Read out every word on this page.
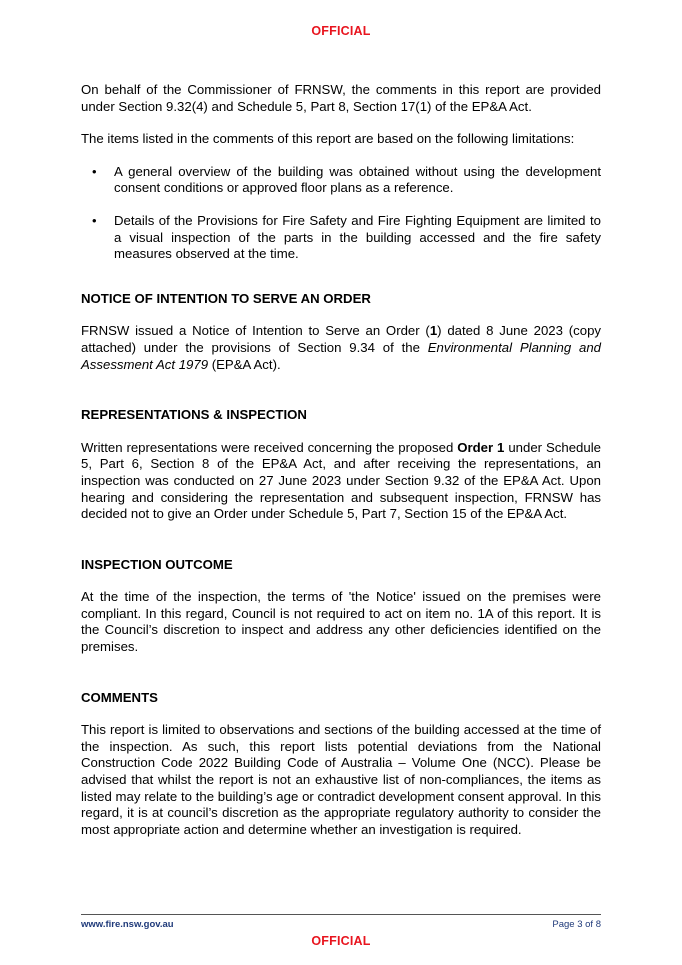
OFFICIAL

On behalf of the Commissioner of FRNSW, the comments in this report are provided under Section 9.32(4) and Schedule 5, Part 8, Section 17(1) of the EP&A Act.

The items listed in the comments of this report are based on the following limitations:

• A general overview of the building was obtained without using the development consent conditions or approved floor plans as a reference.
• Details of the Provisions for Fire Safety and Fire Fighting Equipment are limited to a visual inspection of the parts in the building accessed and the fire safety measures observed at the time.
NOTICE OF INTENTION TO SERVE AN ORDER

FRNSW issued a Notice of Intention to Serve an Order (1) dated 8 June 2023 (copy attached) under the provisions of Section 9.34 of the Environmental Planning and Assessment Act 1979 (EP&A Act).

REPRESENTATIONS & INSPECTION

Written representations were received concerning the proposed Order 1 under Schedule 5, Part 6, Section 8 of the EP&A Act, and after receiving the representations, an inspection was conducted on 27 June 2023 under Section 9.32 of the EP&A Act. Upon hearing and considering the representation and subsequent inspection, FRNSW has decided not to give an Order under Schedule 5, Part 7, Section 15 of the EP&A Act.

INSPECTION OUTCOME

At the time of the inspection, the terms of 'the Notice' issued on the premises were compliant. In this regard, Council is not required to act on item no. 1A of this report. It is the Council’s discretion to inspect and address any other deficiencies identified on the premises.

COMMENTS

This report is limited to observations and sections of the building accessed at the time of the inspection. As such, this report lists potential deviations from the National Construction Code 2022 Building Code of Australia – Volume One (NCC). Please be advised that whilst the report is not an exhaustive list of non-compliances, the items as listed may relate to the building’s age or contradict development consent approval. In this regard, it is at council’s discretion as the appropriate regulatory authority to consider the most appropriate action and determine whether an investigation is required.

www.fire.nsw.gov.au	Page 3 of 8
OFFICIAL
